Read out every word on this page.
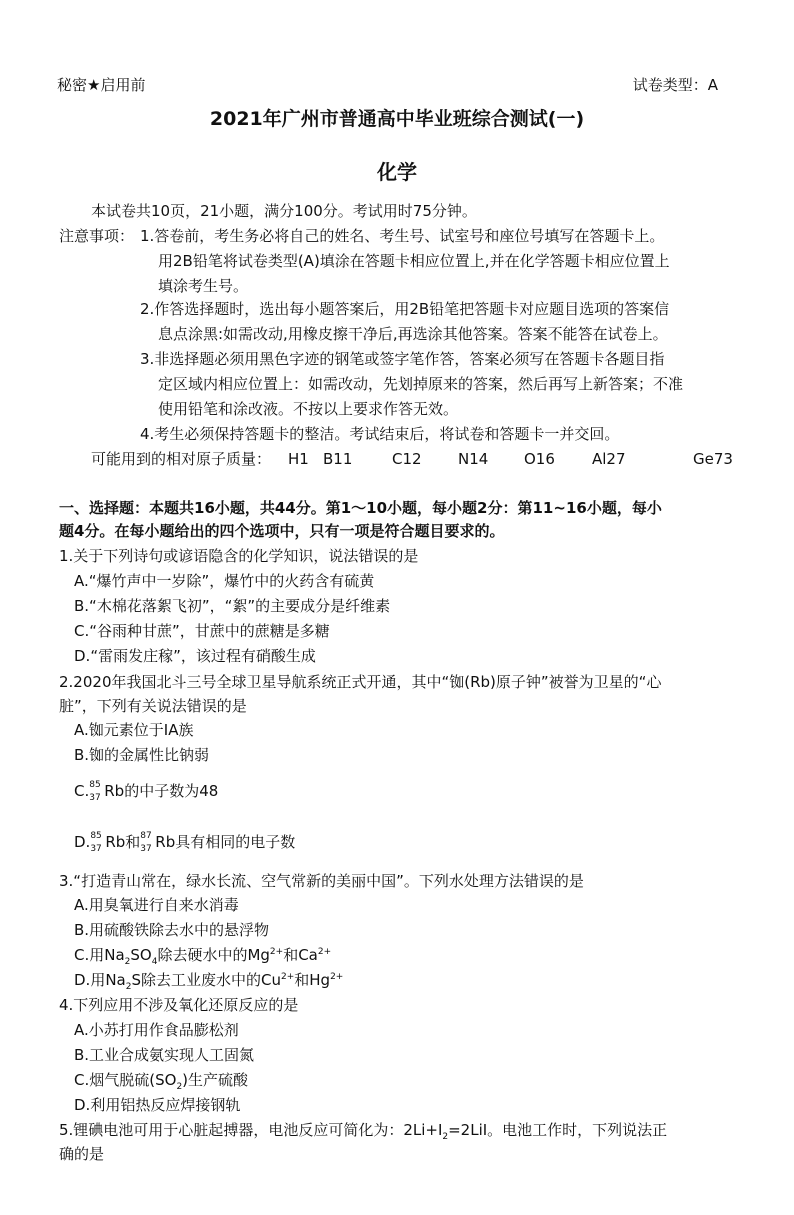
秘密★启用前	试卷类型：A
2021年广州市普通高中毕业班综合测试(一)
化学
本试卷共10页，21小题，满分100分。考试用时75分钟。
注意事项： 1.答卷前，考生务必将自己的姓名、考生号、试室号和座位号填写在答题卡上。
用2B铅笔将试卷类型(A)填涂在答题卡相应位置上,并在化学答题卡相应位置上
填涂考生号。
2.作答选择题时，选出每小题答案后，用2B铅笔把答题卡对应题目选项的答案信
息点涂黑:如需改动,用橡皮擦干净后,再选涂其他答案。答案不能答在试卷上。
3.非选择题必须用黑色字迹的钢笔或签字笔作答，答案必须写在答题卡各题目指
定区域内相应位置上：如需改动，先划掉原来的答案，然后再写上新答案；不准
使用铅笔和涂改液。不按以上要求作答无效。
4.考生必须保持答题卡的整洁。考试结束后，将试卷和答题卡一并交回。
可能用到的相对原子质量： H1 B11	C12 N14 O16 Al27	Ge73
一、选择题：本题共16小题，共44分。第1～10小题，每小题2分：第11~16小题，每小
题4分。在每小题给出的四个选项中，只有一项是符合题目要求的。
1.关于下列诗句或谚语隐含的化学知识，说法错误的是
A.“爆竹声中一岁除”，爆竹中的火药含有硫黄
B.“木棉花落絮飞初”，“絮”的主要成分是纤维素
C.“谷雨种甘蔗”，甘蔗中的蔗糖是多糖
D.“雷雨发庄稼”，该过程有硝酸生成
2.2020年我国北斗三号全球卫星导航系统正式开通，其中“铷(Rb)原子钟”被誉为卫星的“心
脏”，下列有关说法错误的是
A.铷元素位于IA族
B.铷的金属性比钠弱
C. 85
37 Rb的中子数为48
D. 85
37 Rb和 87
37 Rb具有相同的电子数
3.“打造青山常在，绿水长流、空气常新的美丽中国”。下列水处理方法错误的是
A.用臭氧进行自来水消毒
B.用硫酸铁除去水中的悬浮物
C.用$Na_2SO_4$除去硬水中的$Mg^{2+}$和$Ca^{2+}$
D.用$Na_2S$除去工业废水中的$Cu^{2+}$和$Hg^{2+}$
4.下列应用不涉及氧化还原反应的是
A.小苏打用作食品膨松剂
B.工业合成氨实现人工固氮
C.烟气脱硫$(SO_2)$生产硫酸
D.利用铝热反应焊接钢轨
5.锂碘电池可用于心脏起搏器，电池反应可简化为：$2Li+I_2=2LiI$。电池工作时，下列说法正
确的是
